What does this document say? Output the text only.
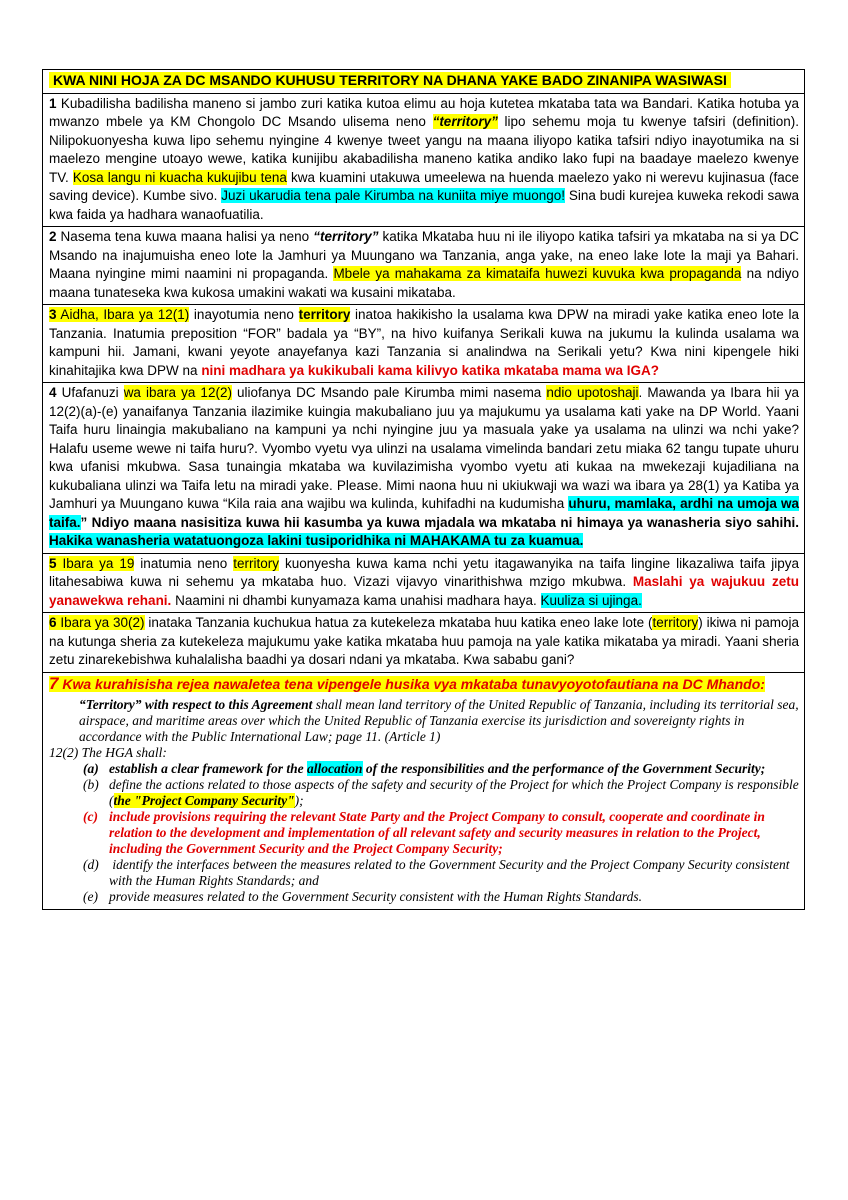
KWA NINI HOJA ZA DC MSANDO KUHUSU TERRITORY NA DHANA YAKE BADO ZINANIPA WASIWASI
1 Kubadilisha badilisha maneno si jambo zuri katika kutoa elimu au hoja kutetea mkataba tata wa Bandari. Katika hotuba ya mwanzo mbele ya KM Chongolo DC Msando ulisema neno “territory” lipo sehemu moja tu kwenye tafsiri (definition). Nilipokuonyesha kuwa lipo sehemu nyingine 4 kwenye tweet yangu na maana iliyopo katika tafsiri ndiyo inayotumika na si maelezo mengine utoayo wewe, katika kunijibu akabadilisha maneno katika andiko lako fupi na baadaye maelezo kwenye TV. Kosa langu ni kuacha kukujibu tena kwa kuamini utakuwa umeelewa na huenda maelezo yako ni werevu kujinasua (face saving device). Kumbe sivo. Juzi ukarudia tena pale Kirumba na kuniita miye muongo! Sina budi kurejea kuweka rekodi sawa kwa faida ya hadhara wanaofuatilia.
2 Nasema tena kuwa maana halisi ya neno “territory” katika Mkataba huu ni ile iliyopo katika tafsiri ya mkataba na si ya DC Msando na inajumuisha eneo lote la Jamhuri ya Muungano wa Tanzania, anga yake, na eneo lake lote la maji ya Bahari. Maana nyingine mimi naamini ni propaganda. Mbele ya mahakama za kimataifa huwezi kuvuka kwa propaganda na ndiyo maana tunateseka kwa kukosa umakini wakati wa kusaini mikataba.
3 Aidha, Ibara ya 12(1) inayotumia neno territory inatoa hakikisho la usalama kwa DPW na miradi yake katika eneo lote la Tanzania. Inatumia preposition “FOR” badala ya “BY”, na hivo kuifanya Serikali kuwa na jukumu la kulinda usalama wa kampuni hii. Jamani, kwani yeyote anayefanya kazi Tanzania si analindwa na Serikali yetu? Kwa nini kipengele hiki kinahitajika kwa DPW na nini madhara ya kukikubali kama kilivyo katika mkataba mama wa IGA?
4 Ufafanuzi wa ibara ya 12(2) uliofanya DC Msando pale Kirumba mimi nasema ndio upotoshaji. Mawanda ya Ibara hii ya 12(2)(a)-(e) yanaifanya Tanzania ilazimike kuingia makubaliano juu ya majukumu ya usalama kati yake na DP World. Yaani Taifa huru linaingia makubaliano na kampuni ya nchi nyingine juu ya masuala yake ya usalama na ulinzi wa nchi yake? Halafu useme wewe ni taifa huru?. Vyombo vyetu vya ulinzi na usalama vimelinda bandari zetu miaka 62 tangu tupate uhuru kwa ufanisi mkubwa. Sasa tunaingia mkataba wa kuvilazimisha vyombo vyetu ati kukaa na mwekezaji kujadiliana na kukubaliana ulinzi wa Taifa letu na miradi yake. Please. Mimi naona huu ni ukiukwaji wa wazi wa ibara ya 28(1) ya Katiba ya Jamhuri ya Muungano kuwa “Kila raia ana wajibu wa kulinda, kuhifadhi na kudumisha uhuru, mamlaka, ardhi na umoja wa taifa.” Ndiyo maana nasisitiza kuwa hii kasumba ya kuwa mjadala wa mkataba ni himaya ya wanasheria siyo sahihi. Hakika wanasheria watatuongoza lakini tusiporidhika ni MAHAKAMA tu za kuamua.
5 Ibara ya 19 inatumia neno territory kuonyesha kuwa kama nchi yetu itagawanyika na taifa lingine likazaliwa taifa jipya litahesabiwa kuwa ni sehemu ya mkataba huo. Vizazi vijavyo vinarithishwa mzigo mkubwa. Maslahi ya wajukuu zetu yanawekwa rehani. Naamini ni dhambi kunyamaza kama unahisi madhara haya. Kuuliza si ujinga.
6 Ibara ya 30(2) inataka Tanzania kuchukua hatua za kutekeleza mkataba huu katika eneo lake lote (territory) ikiwa ni pamoja na kutunga sheria za kutekeleza majukumu yake katika mkataba huu pamoja na yale katika mikataba ya miradi. Yaani sheria zetu zinarekebishwa kuhalalisha baadhi ya dosari ndani ya mkataba. Kwa sababu gani?
7 Kwa kurahisisha rejea nawaletea tena vipengele husika vya mkataba tunavyoyotofautiana na DC Mhando:
“Territory” with respect to this Agreement shall mean land territory of the United Republic of Tanzania, including its territorial sea, airspace, and maritime areas over which the United Republic of Tanzania exercise its jurisdiction and sovereignty rights in accordance with the Public International Law; page 11. (Article 1)
12(2) The HGA shall:
(a) establish a clear framework for the allocation of the responsibilities and the performance of the Government Security;
(b) define the actions related to those aspects of the safety and security of the Project for which the Project Company is responsible (the "Project Company Security");
(c) include provisions requiring the relevant State Party and the Project Company to consult, cooperate and coordinate in relation to the development and implementation of all relevant safety and security measures in relation to the Project, including the Government Security and the Project Company Security;
(d) identify the interfaces between the measures related to the Government Security and the Project Company Security consistent with the Human Rights Standards; and
(e) provide measures related to the Government Security consistent with the Human Rights Standards.
